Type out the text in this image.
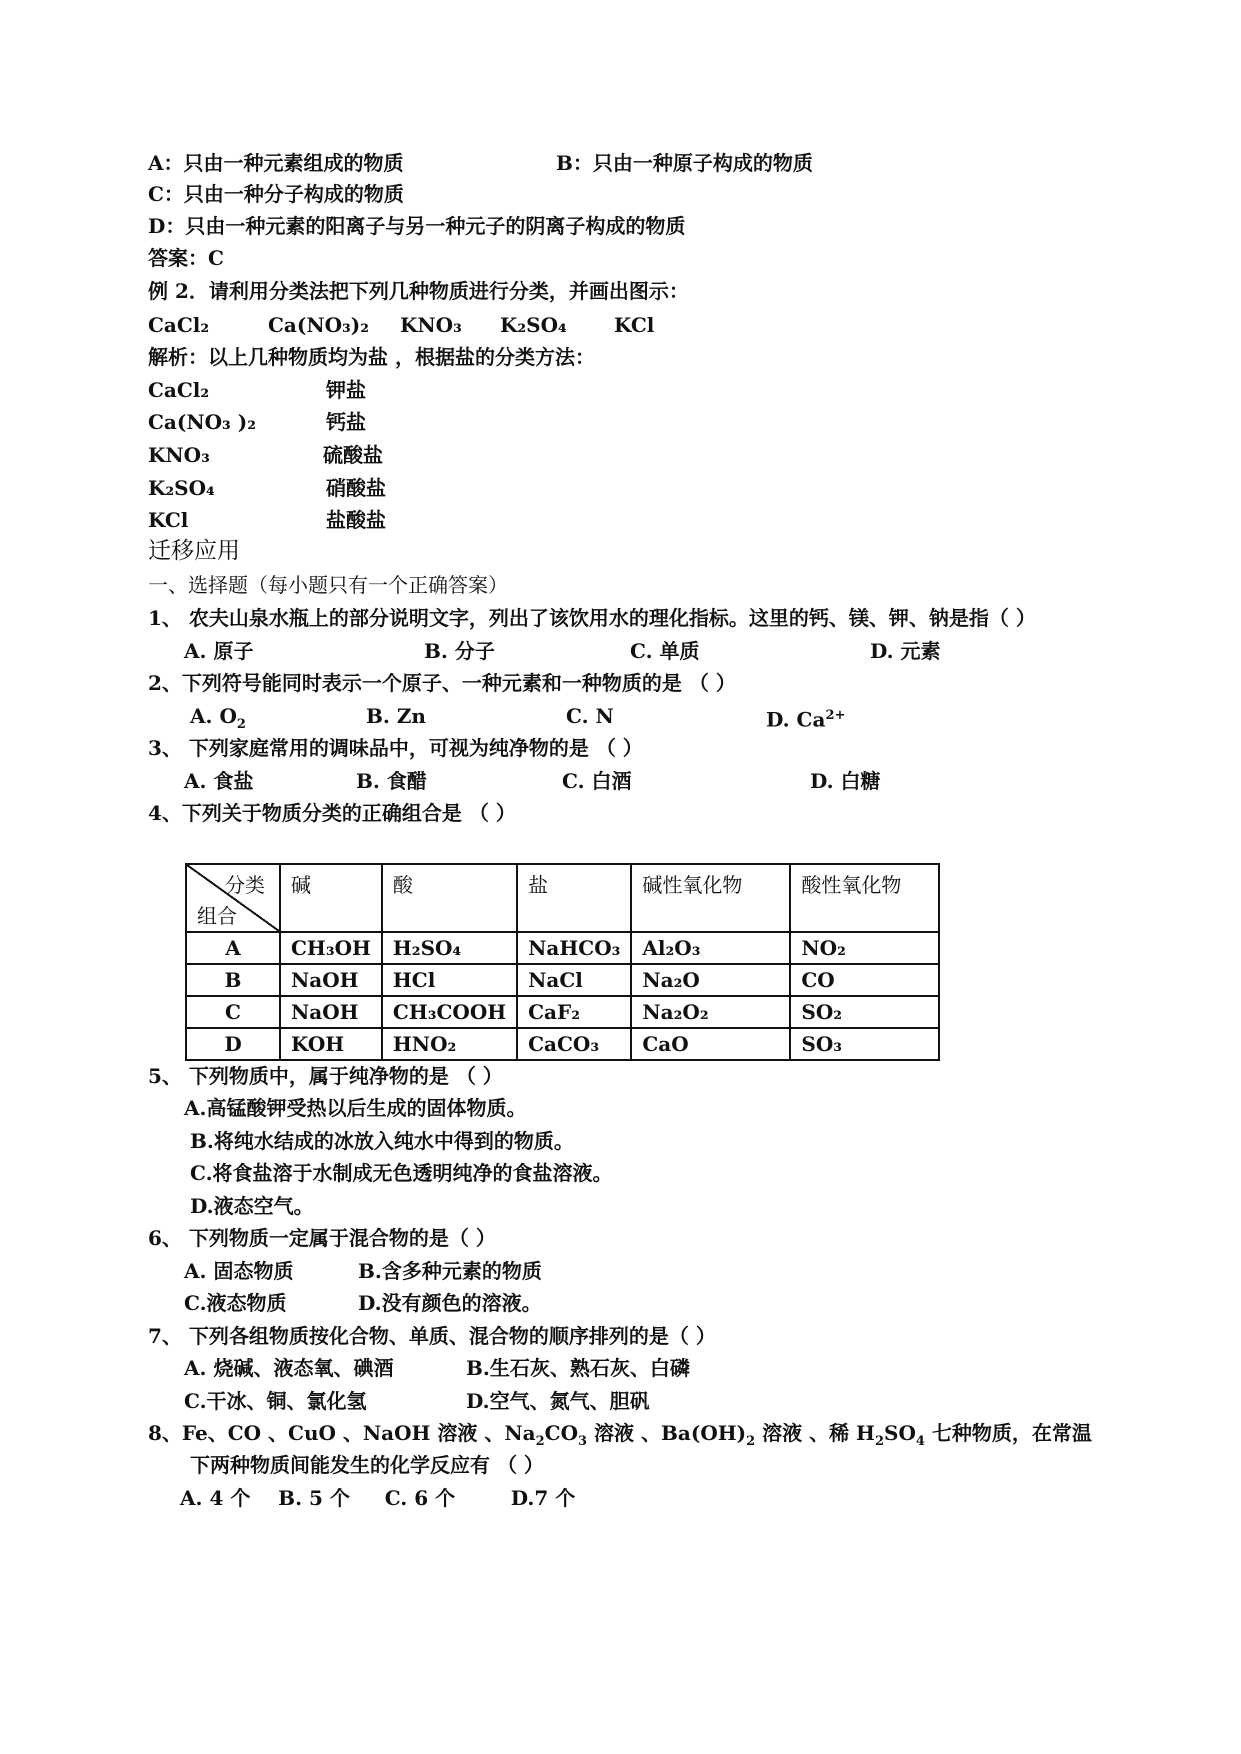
A：只由一种元素组成的物质	B：只由一种原子构成的物质
C：只由一种分子构成的物质
D：只由一种元素的阳离子与另一种元子的阴离子构成的物质
答案：C
例 2．请利用分类法把下列几种物质进行分类，并画出图示：
CaCl₂	Ca(NO₃)₂ KNO₃ K₂SO₄ KCl
解析：以上几种物质均为盐 ，根据盐的分类方法：
CaCl₂	钾盐
Ca(NO₃ )₂	钙盐
KNO₃	硫酸盐
K₂SO₄	硝酸盐
KCl	盐酸盐
迁移应用
一、选择题（每小题只有一个正确答案）
1、 农夫山泉水瓶上的部分说明文字，列出了该饮用水的理化指标。这里的钙、镁、钾、钠是指（ ）
A. 原子	B. 分子	C. 单质	D. 元素
2、下列符号能同时表示一个原子、一种元素和一种物质的是 （ ）
A. $O_2$	B. Zn	C. N	D. $Ca^{2+}$
3、 下列家庭常用的调味品中，可视为纯净物的是 （ ）
A. 食盐	B. 食醋	C. 白酒	D. 白糖
4、下列关于物质分类的正确组合是 （ ）
分类
组合	碱	酸	盐	碱性氧化物	酸性氧化物
A	CH₃OH	H₂SO₄	NaHCO₃	Al₂O₃	NO₂
B	NaOH	HCl	NaCl	Na₂O	CO
C	NaOH	CH₃COOH	CaF₂	Na₂O₂	SO₂
D	KOH	HNO₂	CaCO₃	CaO	SO₃
5、 下列物质中，属于纯净物的是 （ ）
A.高锰酸钾受热以后生成的固体物质。
B.将纯水结成的冰放入纯水中得到的物质。
C.将食盐溶于水制成无色透明纯净的食盐溶液。
D.液态空气。
6、 下列物质一定属于混合物的是（ ）
A. 固态物质	B.含多种元素的物质
C.液态物质	D.没有颜色的溶液。
7、 下列各组物质按化合物、单质、混合物的顺序排列的是（ ）
A. 烧碱、液态氧、碘酒	B.生石灰、熟石灰、白磷
C.干冰、铜、氯化氢	D.空气、氮气、胆矾
8、Fe、CO 、CuO 、NaOH 溶液 、$Na_2CO_3$ 溶液 、$Ba(OH)_2$ 溶液 、稀 $H_2SO_4$ 七种物质，在常温
下两种物质间能发生的化学反应有 （ ）
A. 4 个    B. 5 个     C. 6 个        D.7 个
